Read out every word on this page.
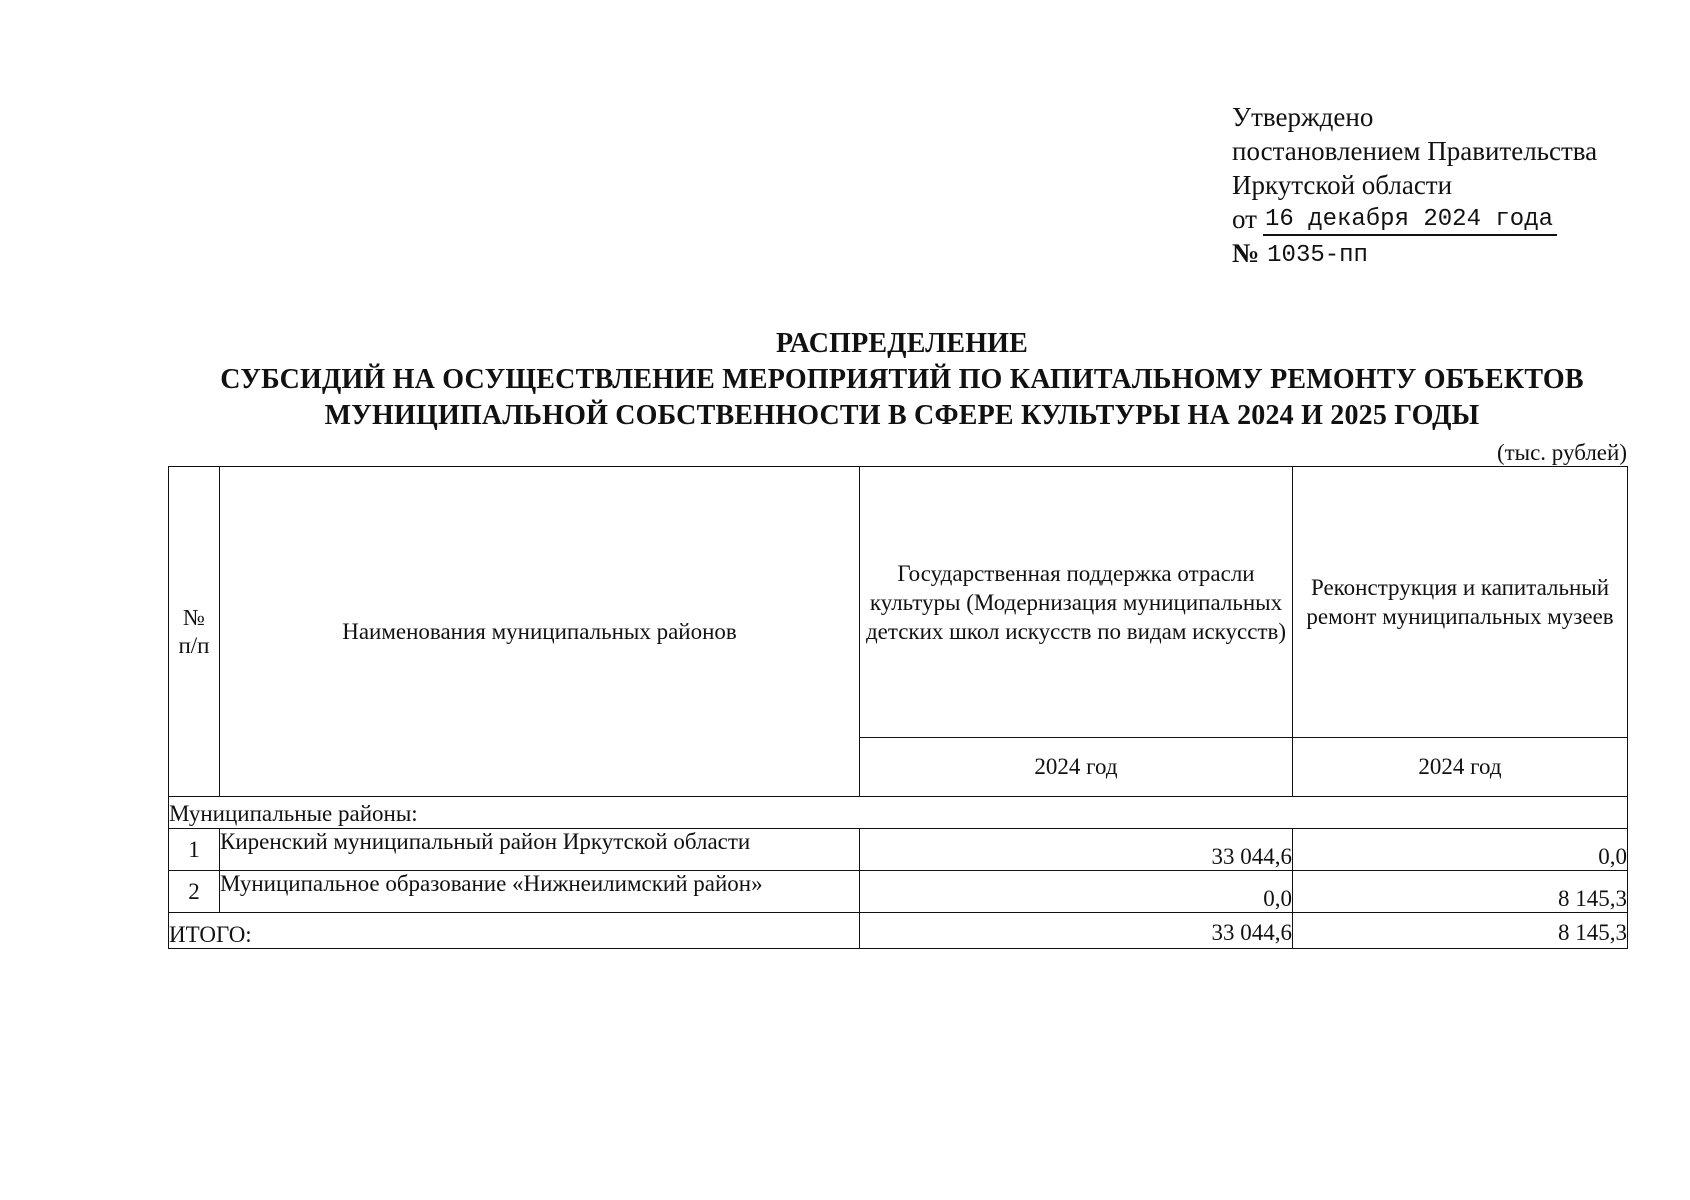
Утверждено
постановлением Правительства
Иркутской области
от 16 декабря 2024 года
№ 1035-пп
РАСПРЕДЕЛЕНИЕ
СУБСИДИЙ НА ОСУЩЕСТВЛЕНИЕ МЕРОПРИЯТИЙ ПО КАПИТАЛЬНОМУ РЕМОНТУ ОБЪЕКТОВ
МУНИЦИПАЛЬНОЙ СОБСТВЕННОСТИ В СФЕРЕ КУЛЬТУРЫ НА 2024 И 2025 ГОДЫ
(тыс. рублей)
№
п/п	Наименования муниципальных районов	Государственная поддержка отрасли культуры (Модернизация муниципальных детских школ искусств по видам искусств)	Реконструкция и капитальный ремонт муниципальных музеев
		2024 год	2024 год
Муниципальные районы:			
1	Киренский муниципальный район Иркутской области	33 044,6	0,0
2	Муниципальное образование «Нижнеилимский район»	0,0	8 145,3
ИТОГО:		33 044,6	8 145,3
